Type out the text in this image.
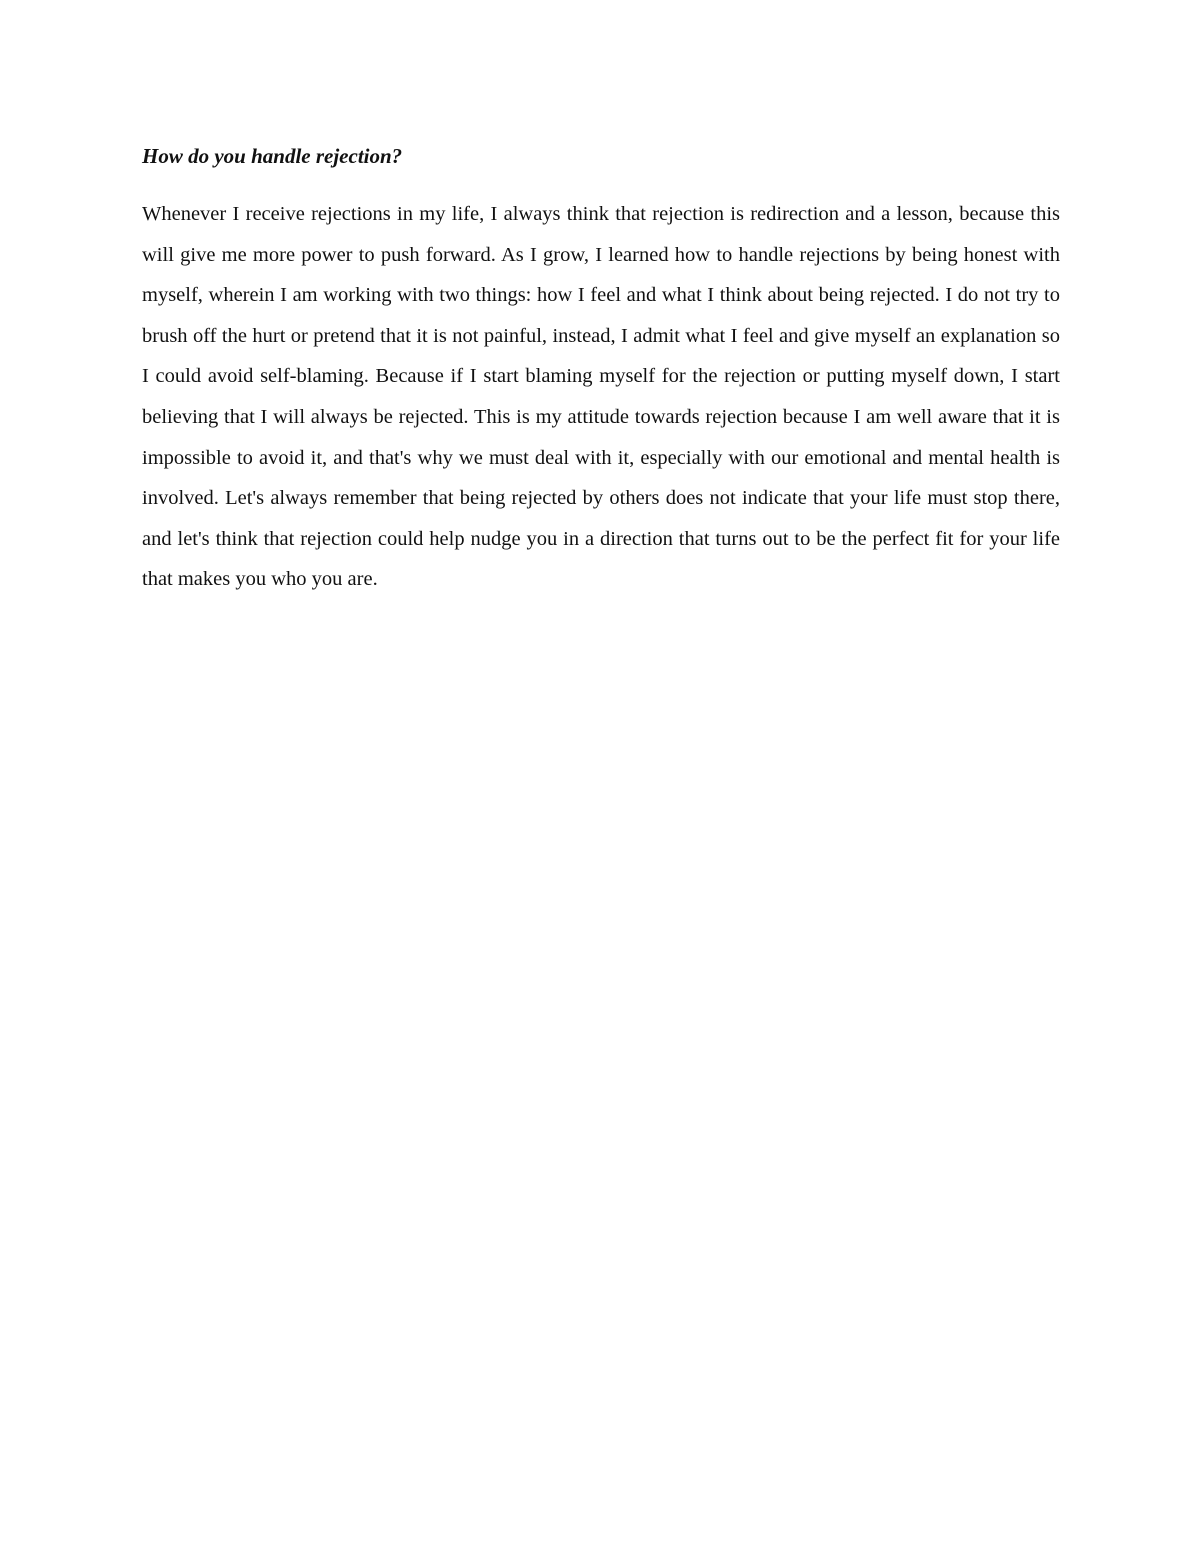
How do you handle rejection?

Whenever I receive rejections in my life, I always think that rejection is redirection and a lesson, because this will give me more power to push forward. As I grow, I learned how to handle rejections by being honest with myself, wherein I am working with two things: how I feel and what I think about being rejected. I do not try to brush off the hurt or pretend that it is not painful, instead, I admit what I feel and give myself an explanation so I could avoid self-blaming. Because if I start blaming myself for the rejection or putting myself down, I start believing that I will always be rejected. This is my attitude towards rejection because I am well aware that it is impossible to avoid it, and that's why we must deal with it, especially with our emotional and mental health is involved. Let's always remember that being rejected by others does not indicate that your life must stop there, and let's think that rejection could help nudge you in a direction that turns out to be the perfect fit for your life that makes you who you are.
